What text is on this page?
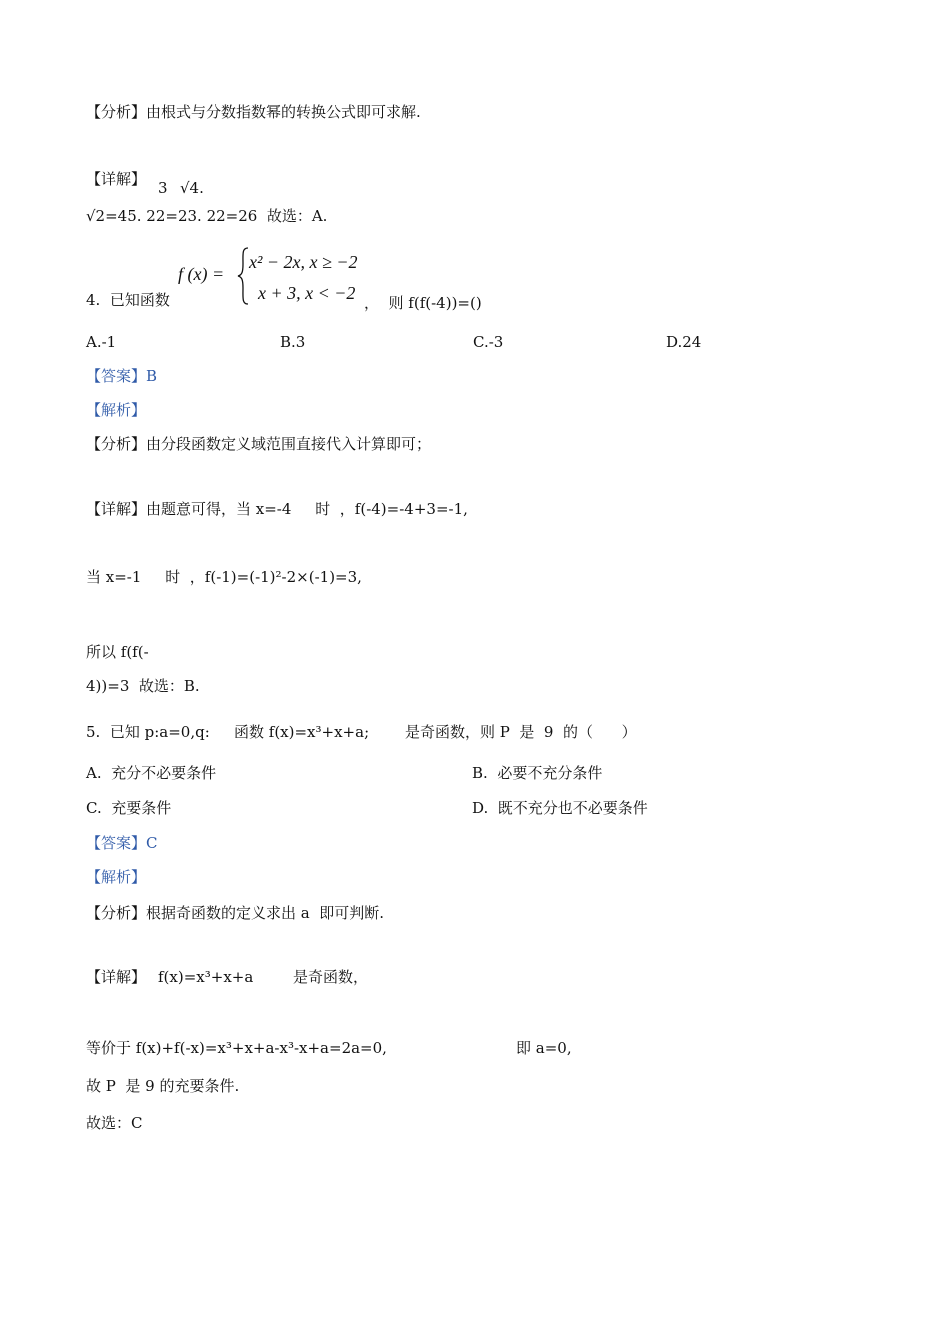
【分析】由根式与分数指数幂的转换公式即可求解.
【详解】 3 √4.
√2=45. 22=23. 22=26  故选：A.
4.  已知函数
f (x) =
x² − 2x, x ≥ −2
x + 3, x < −2 ，  则 f(f(-4))=()
A.-1	B.3	C.-3	D.24
【答案】B
【解析】
【分析】由分段函数定义域范围直接代入计算即可；
【详解】由题意可得，当 x=-4     时  ，f(-4)=-4+3=-1,
当 x=-1     时  ，f(-1)=(-1)²-2×(-1)=3,
所以 f(f(-
4))=3  故选：B.
5.  已知 p:a=0,q: 函数 f(x)=x³+x+a; 是奇函数，则 P  是  9  的（      ）
A.  充分不必要条件	B.  必要不充分条件
C.  充要条件	D.  既不充分也不必要条件
【答案】C
【解析】
【分析】根据奇函数的定义求出 a  即可判断.
【详解】 f(x)=x³+x+a	是奇函数，
等价于 f(x)+f(-x)=x³+x+a-x³-x+a=2a=0,	即 a=0,
故 P  是 9 的充要条件.
故选：C
